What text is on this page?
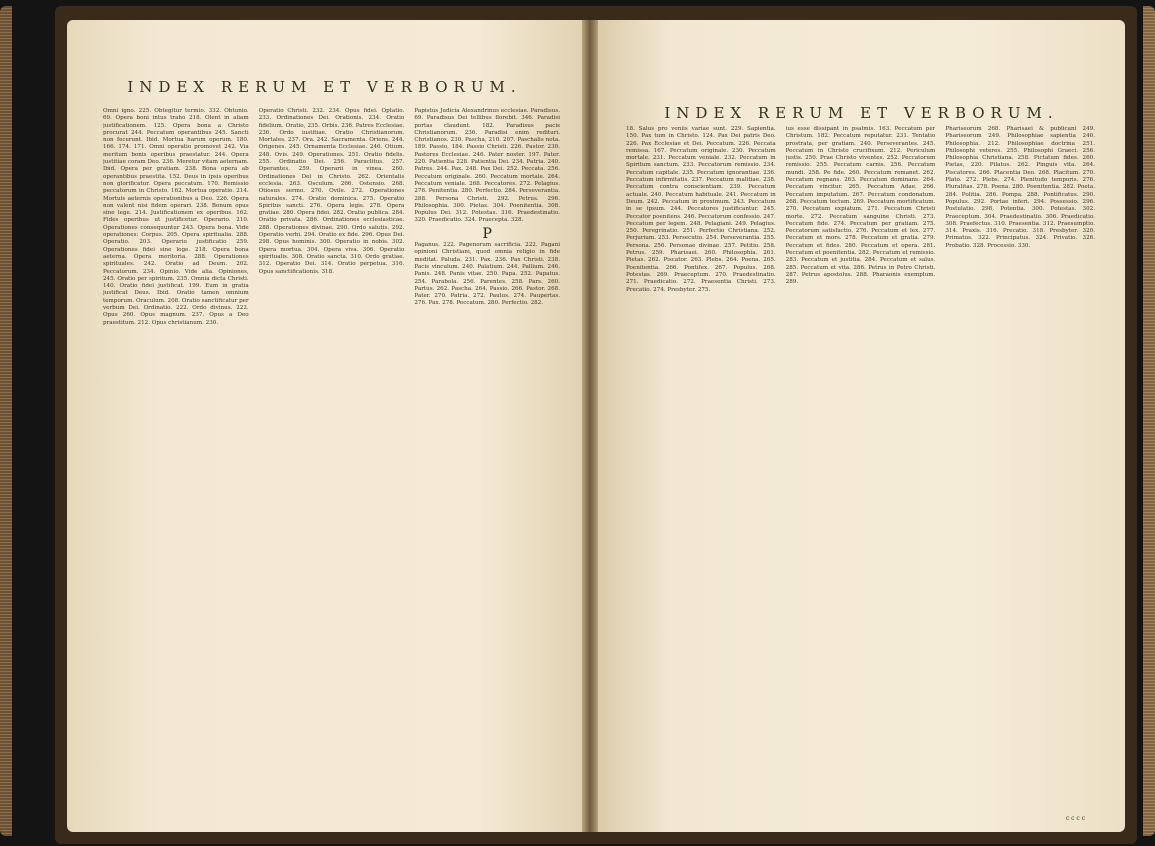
INDEX RERUM ET VERBORUM.

Omni igno. 225. Obtegitur termio. 332. Obtunio. 69. Opera boni intus traho 218. Olent in aliam justificationem. 125. Opera bona a Christo procurat 244. Peccatum operantibus 245. Sancti non fecerunt. Ibid. Mortua harum operum. 180. 166. 174. 171. Omni operatio promovet 242. Via meritum bonis operibus praestatur. 244. Opera justitiae coram Deo. 236. Meretur vitam aeternam. Ibid. Opera per gratiam. 238. Bona opera ab operantibus praestita. 152. Deus in ipsis operibus non glorificatur. Opera peccatum. 170. Remissio peccatorum in Christo. 162. Mortua operatio. 214. Mortuis aeternis operationibus a Deo. 226. Opera non valent nisi fidem operari. 238. Bonum opus sine lege. 214. Justificationem ex operibus. 162. Fides operibus ut justificetur. Operario. 210. Operationes consequuntur 243. Opera bona. Vide operationes: Corpus. 205. Opera spiritualia. 288. Operatio. 203. Operario justificatio 259. Operationes fidei sine lege. 218. Opera bona aeterna. Opera meritoria. 288. Operationes spirituales. 242. Oratio ad Deum. 202. Peccatorum. 234. Opinio. Vide alia. Opiniones, 245. Oratio per spiritum. 235. Omnia dicta Christi. 140. Oratio fidei justificat. 199. Eum in gratia justificat Deus. Ibid. Oratio tamen omnium temporum. Oraculum. 208. Oratio sanctificatur per verbum Dei. Ordinatio. 222. Ordo divinus. 222. Opus 260. Opus magnum. 237. Opus a Deo praestitum. 212. Opus christianum. 230.

Operatio Christi. 232. 234. Opus fidei. Optatio. 233. Ordinationes Dei. Orationis. 234. Oratio fidelium. Oratio, 235. Orbis. 236. Patres Ecclesiae. 236. Ordo iustitiae. Oratio Christianorum. Mortales. 237. Ora. 242. Sacramenta. Oriens. 244. Origenes. 245. Ornamenta Ecclesiae. 246. Otium. 248. Ovis. 249. Operationes. 251. Oratio fidelis. 255. Ordinatio Dei. 256. Paraclitus. 257. Operantes. 259. Operarii in vinea. 260. Ordinationes Dei in Christo. 262. Orientalis ecclesia. 263. Osculum. 266. Ostensio. 268. Otiosus sermo. 270. Ovile. 272. Operationes naturales. 274. Oratio dominica. 275. Operatio Spiritus sancti. 276. Opera legis. 278. Opera gratiae. 280. Opera fidei. 282. Oratio publica. 284. Oratio privata. 286. Ordinationes ecclesiasticae. 288. Operationes divinae. 290. Ordo salutis. 292. Operatio verbi. 294. Oratio ex fide. 296. Opus Dei. 298. Opus hominis. 300. Operatio in nobis. 302. Opera mortua. 304. Opera viva. 306. Operatio spiritualis. 308. Oratio sancta. 310. Ordo gratiae. 312. Operatio Dei. 314. Oratio perpetua. 316. Opus sanctificationis. 318.

Papistus Judicia Alexandrinus ecclesiae. Paradisus. 69. Paradisus Dei tellibus florebit. 346. Paradisi portas claudunt. 182. Paradisus pacis Christianorum. 236. Paradisi enim redituri. Christianos. 230. Pascha, 210. 207. Paschalis nota. 189. Passio, 184. Passio Christi. 226. Pastor. 230. Pastores Ecclesiae. 246. Pater noster. 197. Pater. 220. Patientia 228. Patientia Dei. 234. Patria. 240. Patres. 244. Pax. 248. Pax Dei. 252. Peccata. 256. Peccatum originale. 260. Peccatum mortale. 264. Peccatum veniale. 268. Peccatores. 272. Pelagius. 276. Penitentia. 280. Perfectio. 284. Perseverantia. 288. Persona Christi. 292. Petrus. 296. Philosophia. 300. Pietas. 304. Poenitentia. 308. Populus Dei. 312. Potestas. 316. Praedestinatio. 320. Praedicatio. 324. Praecepta. 328.

P

Paganus. 222. Pagenorum sacrificia. 222. Pagani opinioni Christiani, quod omnia religio in fide meditat. Paluda. 231. Pax. 236. Pax Christi. 238. Pacis vinculum. 240. Palatium. 244. Pallium. 246. Panis. 248. Panis vitae. 250. Papa. 252. Papatus. 254. Parabola. 256. Parentes. 258. Pars. 260. Partus. 262. Pascha. 264. Passio. 266. Pastor. 268. Pater. 270. Patria. 272. Paulus. 274. Paupertas. 276. Pax. 278. Peccatum. 280. Perfectio. 282.

INDEX RERUM ET VERBORUM.

18. Salus pro veniis variae sunt. 229. Sapientia. 150. Pax tum in Christo. 124. Pax Dei patris Deo. 226. Pax Ecclesiae et Dei. Peccatum. 226. Peccata remissa. 167. Peccatum originale. 230. Peccatum mortale. 231. Peccatum veniale. 232. Peccatum in Spiritum sanctum. 233. Peccatorum remissio. 234. Peccatum capitale. 235. Peccatum ignorantiae. 236. Peccatum infirmitatis. 237. Peccatum malitiae. 238. Peccatum contra conscientiam. 239. Peccatum actuale. 240. Peccatum habituale. 241. Peccatum in Deum. 242. Peccatum in proximum. 243. Peccatum in se ipsum. 244. Peccatores justificantur. 245. Peccator poenitens. 246. Peccatorum confessio. 247. Peccatum per legem. 248. Pelagiani. 249. Pelagius. 250. Peregrinatio. 251. Perfectio Christiana. 252. Perjurium. 253. Persecutio. 254. Perseverantia. 255. Persona. 256. Personae divinae. 257. Petitio. 258. Petrus. 259. Pharisaei. 260. Philosophia. 261. Pietas. 262. Piscator. 263. Plebs. 264. Poena. 265. Poenitentia. 266. Pontifex. 267. Populus. 268. Potestas. 269. Praeceptum. 270. Praedestinatio. 271. Praedicatio. 272. Praesentia Christi. 273. Precatio. 274. Presbyter. 275.

ius esse dissipant in psalmis. 163. Peccatum per Christum. 182. Peccatum reputatur. 231. Tentatio prostrata, per gratiam. 240. Perseverantes. 245. Peccatum in Christo crucifixum. 212. Periculum justis. 250. Prae Christo viventes. 252. Peccatorum remissio. 255. Peccatum carnis. 256. Peccatum mundi. 258. Pe fide. 260. Peccatum remanet. 262. Peccatum regnans. 263. Peccatum dominans. 264. Peccatum vincitur. 265. Peccatum Adae. 266. Peccatum imputatum. 267. Peccatum condonatum. 268. Peccatum tectum. 269. Peccatum mortificatum. 270. Peccatum expiatum. 271. Peccatum Christi morte. 272. Peccatum sanguine Christi. 273. Peccatum fide. 274. Peccatum per gratiam. 275. Peccatorum satisfactio. 276. Peccatum et lex. 277. Peccatum et mors. 278. Peccatum et gratia. 279. Peccatum et fides. 280. Peccatum et opera. 281. Peccatum et poenitentia. 282. Peccatum et remissio. 283. Peccatum et justitia. 284. Peccatum et salus. 285. Peccatum et vita. 286. Petrus in Petro Christi. 287. Petrus apostolus. 288. Pharaonis exemplum. 289.

Phariseorum 268. Pharisaei & publicani 249. Phariseorum 249. Philosophiae sapientia 240. Philosophia. 212. Philosophiae doctrina 251. Philosophi veteres. 255. Philosophi Graeci. 256. Philosophia Christiana. 258. Pictatum fides. 260. Pietas, 220. Pilatus. 262. Pinguis vita. 264. Piscatores. 266. Placentia Deo. 268. Placitum. 270. Plato. 272. Plebs. 274. Plenitudo temporis. 276. Pluralitas. 278. Poena. 280. Poenitentia. 282. Poeta. 284. Politia. 286. Pompa. 288. Pontificatus. 290. Populus. 292. Portae inferi. 294. Possessio. 296. Postulatio. 298. Potentia. 300. Potestas. 302. Praeceptum. 304. Praedestinatio. 306. Praedicatio. 308. Praefectus. 310. Praesentia. 312. Praesumptio. 314. Praxis. 316. Precatio. 318. Presbyter. 320. Primatus. 322. Principatus. 324. Privatio. 326. Probatio. 328. Processio. 330.

c c c c
